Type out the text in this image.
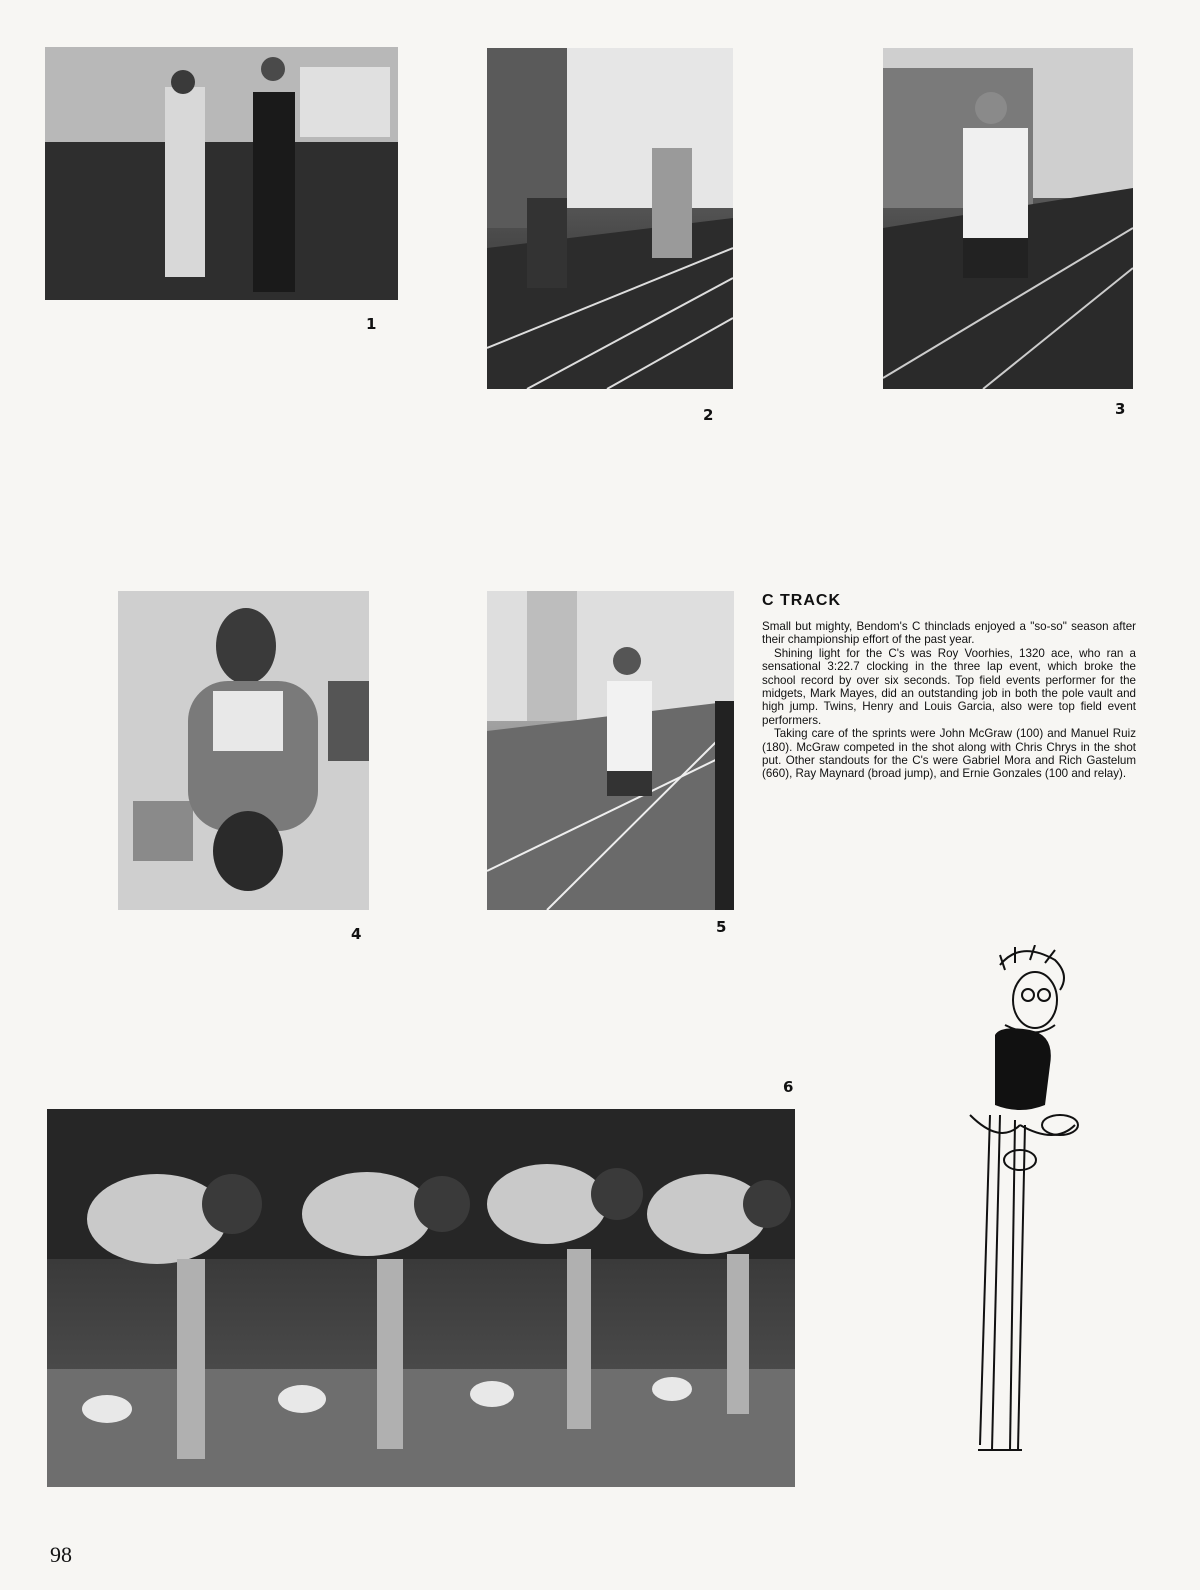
1
2	3
4	5
C TRACK

Small but mighty, Bendom's C thinclads enjoyed a "so-so" season after their championship effort of the past year.

Shining light for the C's was Roy Voorhies, 1320 ace, who ran a sensational 3:22.7 clocking in the three lap event, which broke the school record by over six seconds. Top field events performer for the midgets, Mark Mayes, did an outstanding job in both the pole vault and high jump. Twins, Henry and Louis Garcia, also were top field event performers.

Taking care of the sprints were John McGraw (100) and Manuel Ruiz (180). McGraw competed in the shot along with Chris Chrys in the shot put. Other standouts for the C's were Gabriel Mora and Rich Gastelum (660), Ray Maynard (broad jump), and Ernie Gonzales (100 and relay).

6
98
